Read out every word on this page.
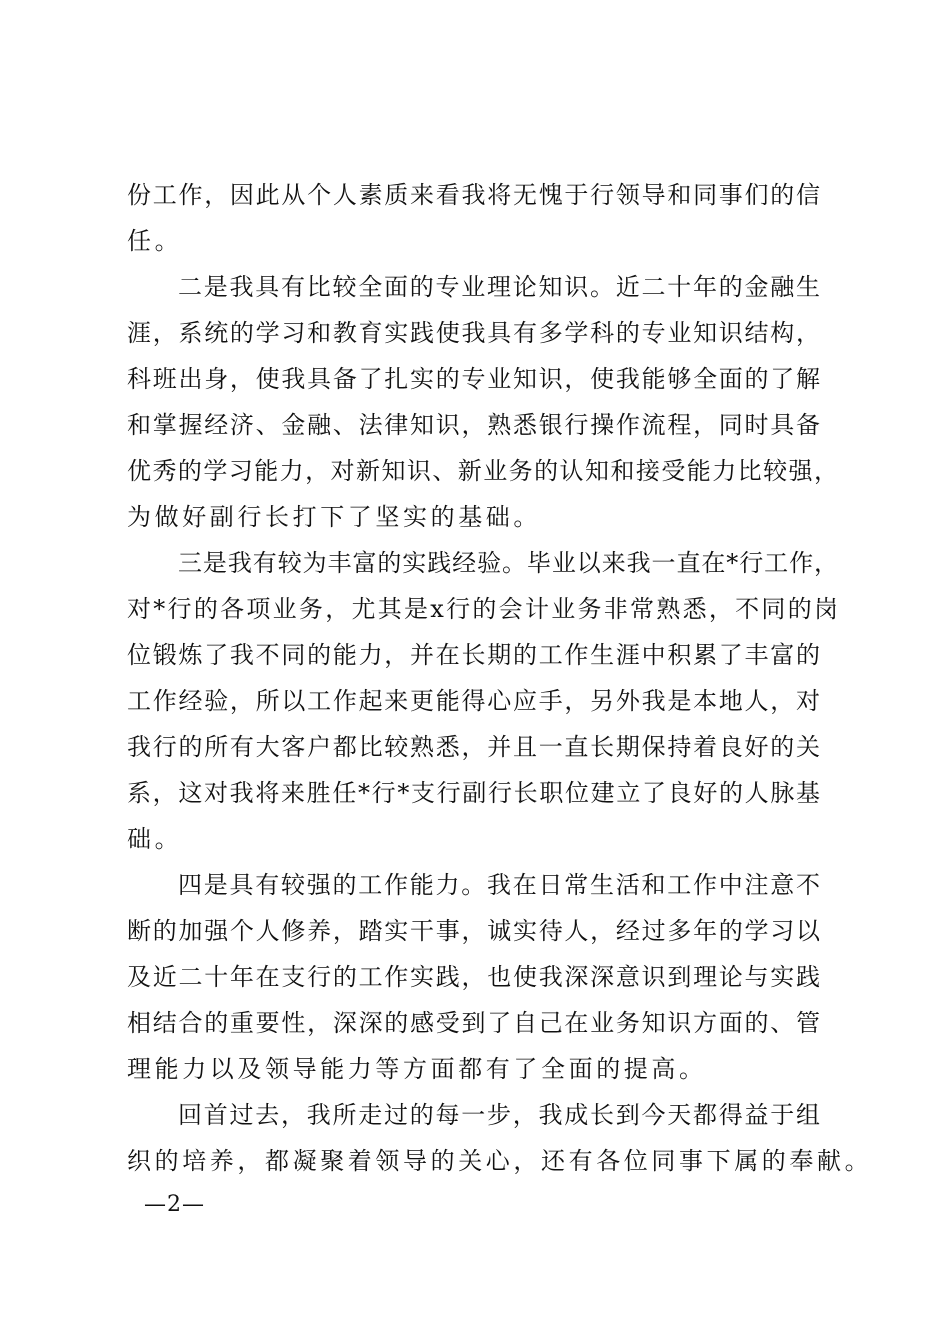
份工作，因此从个人素质来看我将无愧于行领导和同事们的信
任。
二是我具有比较全面的专业理论知识。近二十年的金融生
涯，系统的学习和教育实践使我具有多学科的专业知识结构，
科班出身，使我具备了扎实的专业知识，使我能够全面的了解
和掌握经济、金融、法律知识，熟悉银行操作流程，同时具备
优秀的学习能力，对新知识、新业务的认知和接受能力比较强，
为做好副行长打下了坚实的基础。
三是我有较为丰富的实践经验。毕业以来我一直在*行工作，
对*行的各项业务，尤其是x行的会计业务非常熟悉，不同的岗
位锻炼了我不同的能力，并在长期的工作生涯中积累了丰富的
工作经验，所以工作起来更能得心应手，另外我是本地人，对
我行的所有大客户都比较熟悉，并且一直长期保持着良好的关
系，这对我将来胜任*行*支行副行长职位建立了良好的人脉基
础。
四是具有较强的工作能力。我在日常生活和工作中注意不
断的加强个人修养，踏实干事，诚实待人，经过多年的学习以
及近二十年在支行的工作实践，也使我深深意识到理论与实践
相结合的重要性，深深的感受到了自己在业务知识方面的、管
理能力以及领导能力等方面都有了全面的提高。
回首过去，我所走过的每一步，我成长到今天都得益于组
织的培养，都凝聚着领导的关心，还有各位同事下属的奉献。
—2—
